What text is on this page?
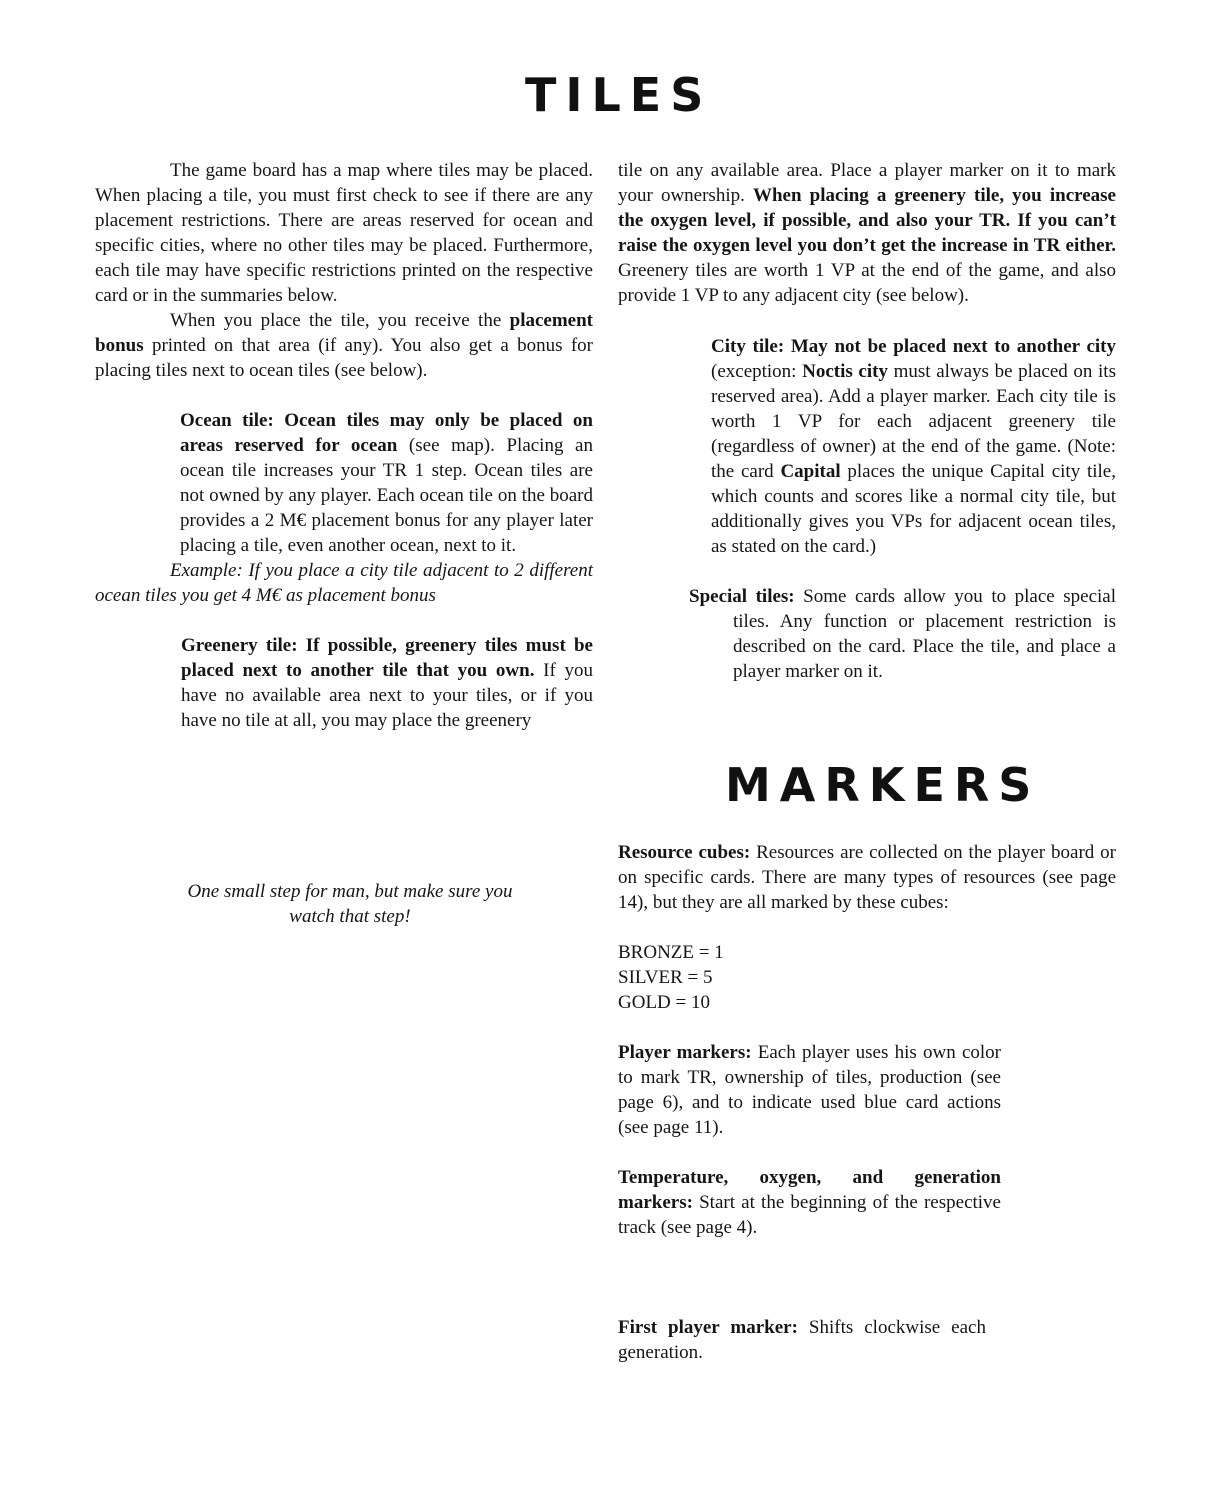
TILES

The game board has a map where tiles may be placed. When placing a tile, you must first check to see if there are any placement restrictions. There are areas reserved for ocean and specific cities, where no other tiles may be placed. Furthermore, each tile may have specific restrictions printed on the respective card or in the summaries below.
When you place the tile, you receive the placement bonus printed on that area (if any). You also get a bonus for placing tiles next to ocean tiles (see below).

Ocean tile: Ocean tiles may only be placed on areas reserved for ocean (see map). Placing an ocean tile increases your TR 1 step. Ocean tiles are not owned by any player. Each ocean tile on the board provides a 2 M€ placement bonus for any player later placing a tile, even another ocean, next to it.
Example: If you place a city tile adjacent to 2 different ocean tiles you get 4 M€ as placement bonus

Greenery tile: If possible, greenery tiles must be placed next to another tile that you own. If you have no available area next to your tiles, or if you have no tile at all, you may place the greenery

One small step for man, but make sure you watch that step!

tile on any available area. Place a player marker on it to mark your ownership. When placing a greenery tile, you increase the oxygen level, if possible, and also your TR. If you can’t raise the oxygen level you don’t get the increase in TR either. Greenery tiles are worth 1 VP at the end of the game, and also provide 1 VP to any adjacent city (see below).

City tile: May not be placed next to another city (exception: Noctis city must always be placed on its reserved area). Add a player marker. Each city tile is worth 1 VP for each adjacent greenery tile (regardless of owner) at the end of the game. (Note: the card Capital places the unique Capital city tile, which counts and scores like a normal city tile, but additionally gives you VPs for adjacent ocean tiles, as stated on the card.)

Special tiles: Some cards allow you to place special tiles. Any function or placement restriction is described on the card. Place the tile, and place a player marker on it.

MARKERS

Resource cubes: Resources are collected on the player board or on specific cards. There are many types of resources (see page 14), but they are all marked by these cubes:

BRONZE = 1
SILVER = 5
GOLD = 10

Player markers: Each player uses his own color to mark TR, ownership of tiles, production (see page 6), and to indicate used blue card actions (see page 11).

Temperature, oxygen, and generation markers: Start at the beginning of the respective track (see page 4).

First player marker: Shifts clockwise each generation.
